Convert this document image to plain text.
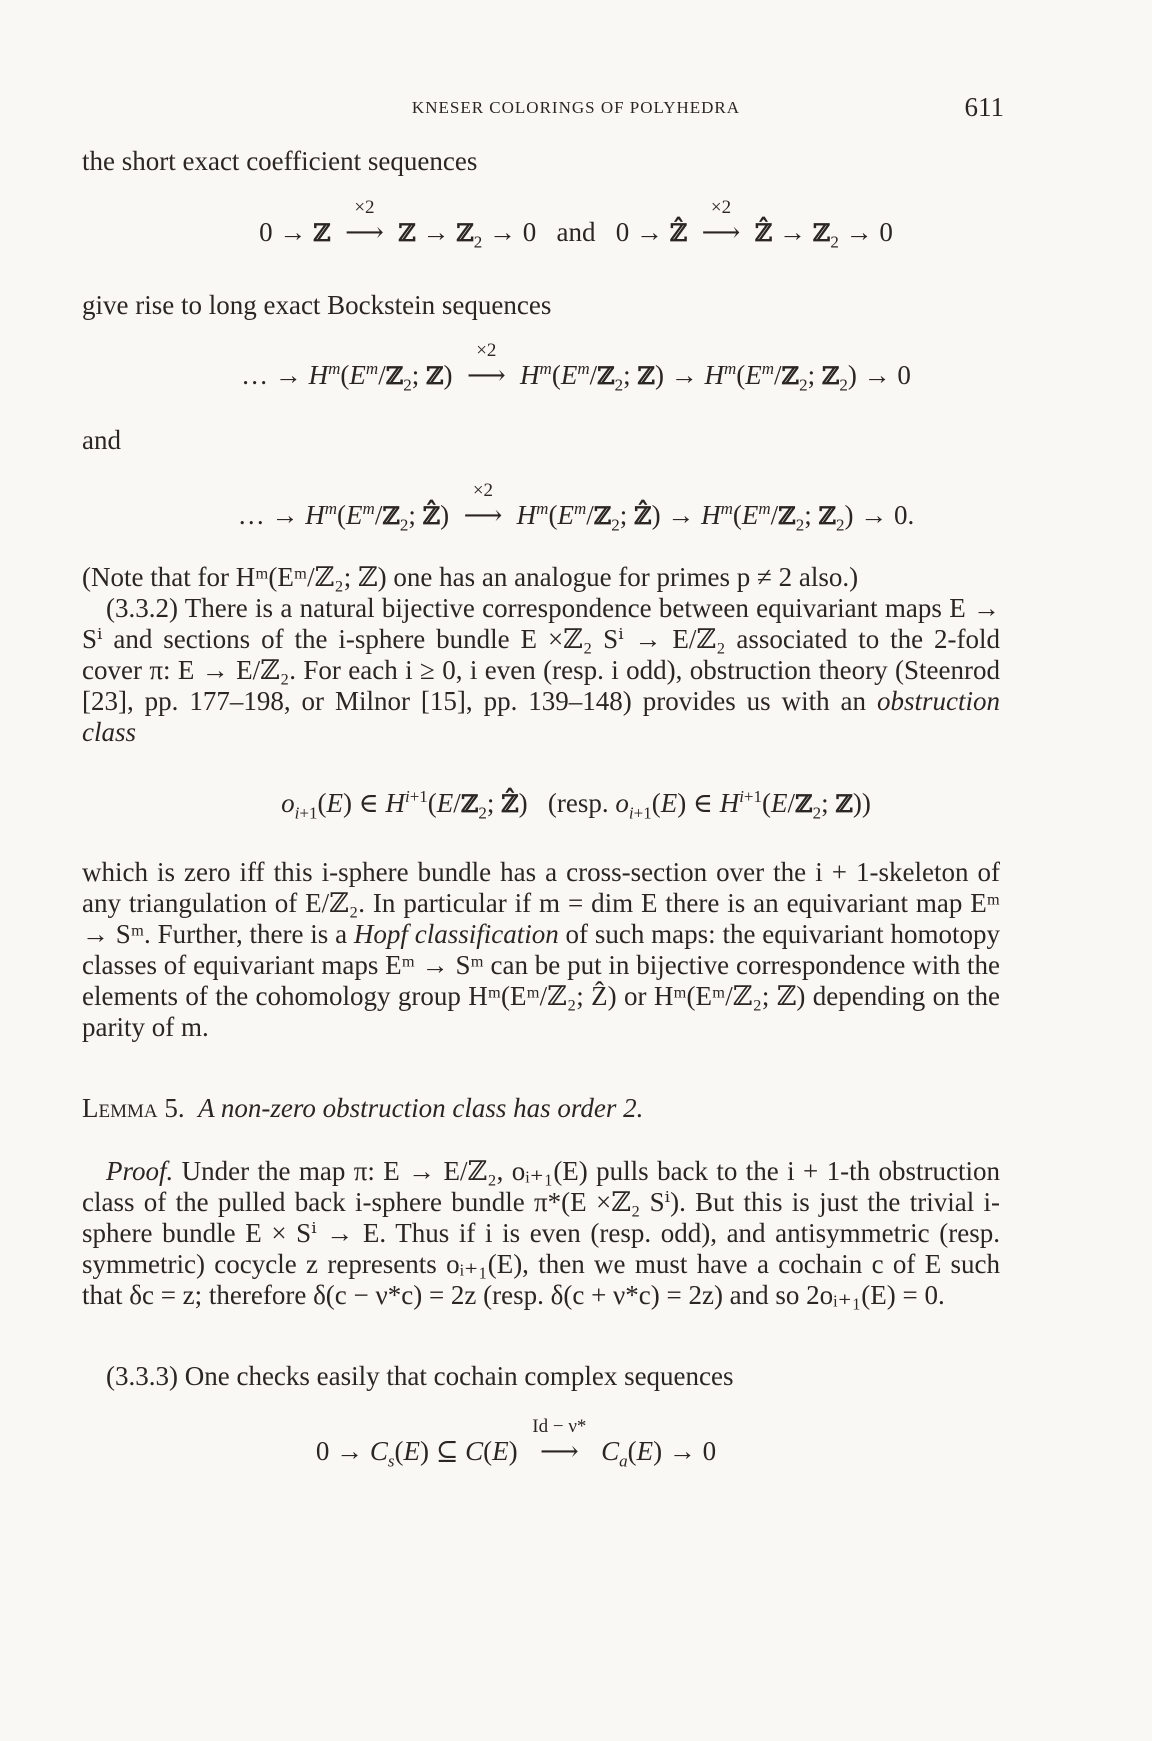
KNESER COLORINGS OF POLYHEDRA	611
the short exact coefficient sequences
0 → ℤ
×2
⟶ ℤ → ℤ$_2$ → 0   and   0 → ℤ̂
×2
⟶ ℤ̂ → ℤ$_2$ → 0
give rise to long exact Bockstein sequences
… → $H^m(E^m/ℤ_2$; ℤ)
×2
⟶ $H^m(E^m/ℤ_2$; ℤ) → $H^m(E^m/ℤ_2$; ℤ$_2$) → 0
and
… → $H^m(E^m/ℤ_2$; ℤ̂)
×2
⟶ $H^m(E^m/ℤ_2$; ℤ̂) → $H^m(E^m/ℤ_2$; ℤ$_2$) → 0.
(Note that for Hᵐ(Eᵐ/ℤ₂; ℤ) one has an analogue for primes p ≠ 2 also.)
(3.3.2) There is a natural bijective correspondence between equivariant maps E → Sⁱ and sections of the i-sphere bundle E ×ℤ₂ Sⁱ → E/ℤ₂ associated to the 2-fold cover π: E → E/ℤ₂. For each i ≥ 0, i even (resp. i odd), obstruction theory (Steenrod [23], pp. 177–198, or Milnor [15], pp. 139–148) provides us with an obstruction class
$o_{i+1}(E)$ ∈ $H^{i+1}(E/ℤ_2$; ℤ̂)   (resp. $o_{i+1}(E)$ ∈ $H^{i+1}(E/ℤ_2$; ℤ))
which is zero iff this i-sphere bundle has a cross-section over the i + 1-skeleton of any triangulation of E/ℤ₂. In particular if m = dim E there is an equivariant map Eᵐ → Sᵐ. Further, there is a Hopf classification of such maps: the equivariant homotopy classes of equivariant maps Eᵐ → Sᵐ can be put in bijective correspondence with the elements of the cohomology group Hᵐ(Eᵐ/ℤ₂; Ẑ) or Hᵐ(Eᵐ/ℤ₂; ℤ) depending on the parity of m.
Lemma 5. A non-zero obstruction class has order 2.
Proof. Under the map π: E → E/ℤ₂, oᵢ₊₁(E) pulls back to the i + 1-th obstruction class of the pulled back i-sphere bundle π*(E ×ℤ₂ Sⁱ). But this is just the trivial i-sphere bundle E × Sⁱ → E. Thus if i is even (resp. odd), and antisymmetric (resp. symmetric) cocycle z represents oᵢ₊₁(E), then we must have a cochain c of E such that δc = z; therefore δ(c − ν*c) = 2z (resp. δ(c + ν*c) = 2z) and so 2oᵢ₊₁(E) = 0.
(3.3.3) One checks easily that cochain complex sequences
$0 \to C_s(E)$ ⊆ C(E)
Id − ν*
⟶ $C_a(E) \to 0$
